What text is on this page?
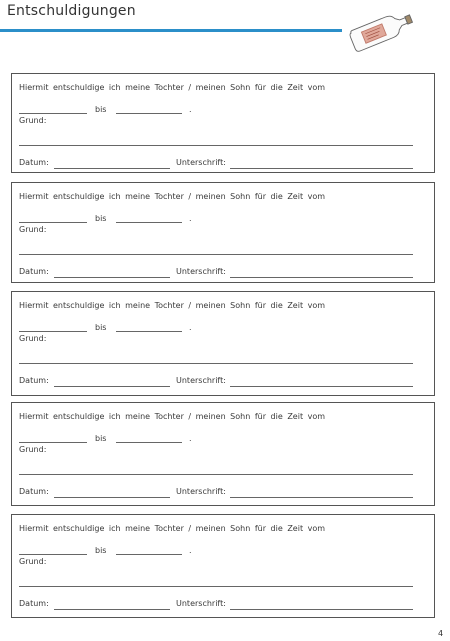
Entschuldigungen
Hiermit entschuldige ich meine Tochter / meinen Sohn für die Zeit vom
bis	.
Grund:
Datum:	Unterschrift:
Hiermit entschuldige ich meine Tochter / meinen Sohn für die Zeit vom
bis	.
Grund:
Datum:	Unterschrift:
Hiermit entschuldige ich meine Tochter / meinen Sohn für die Zeit vom
bis	.
Grund:
Datum:	Unterschrift:
Hiermit entschuldige ich meine Tochter / meinen Sohn für die Zeit vom
bis	.
Grund:
Datum:	Unterschrift:
Hiermit entschuldige ich meine Tochter / meinen Sohn für die Zeit vom
bis	.
Grund:
Datum:	Unterschrift:
4
